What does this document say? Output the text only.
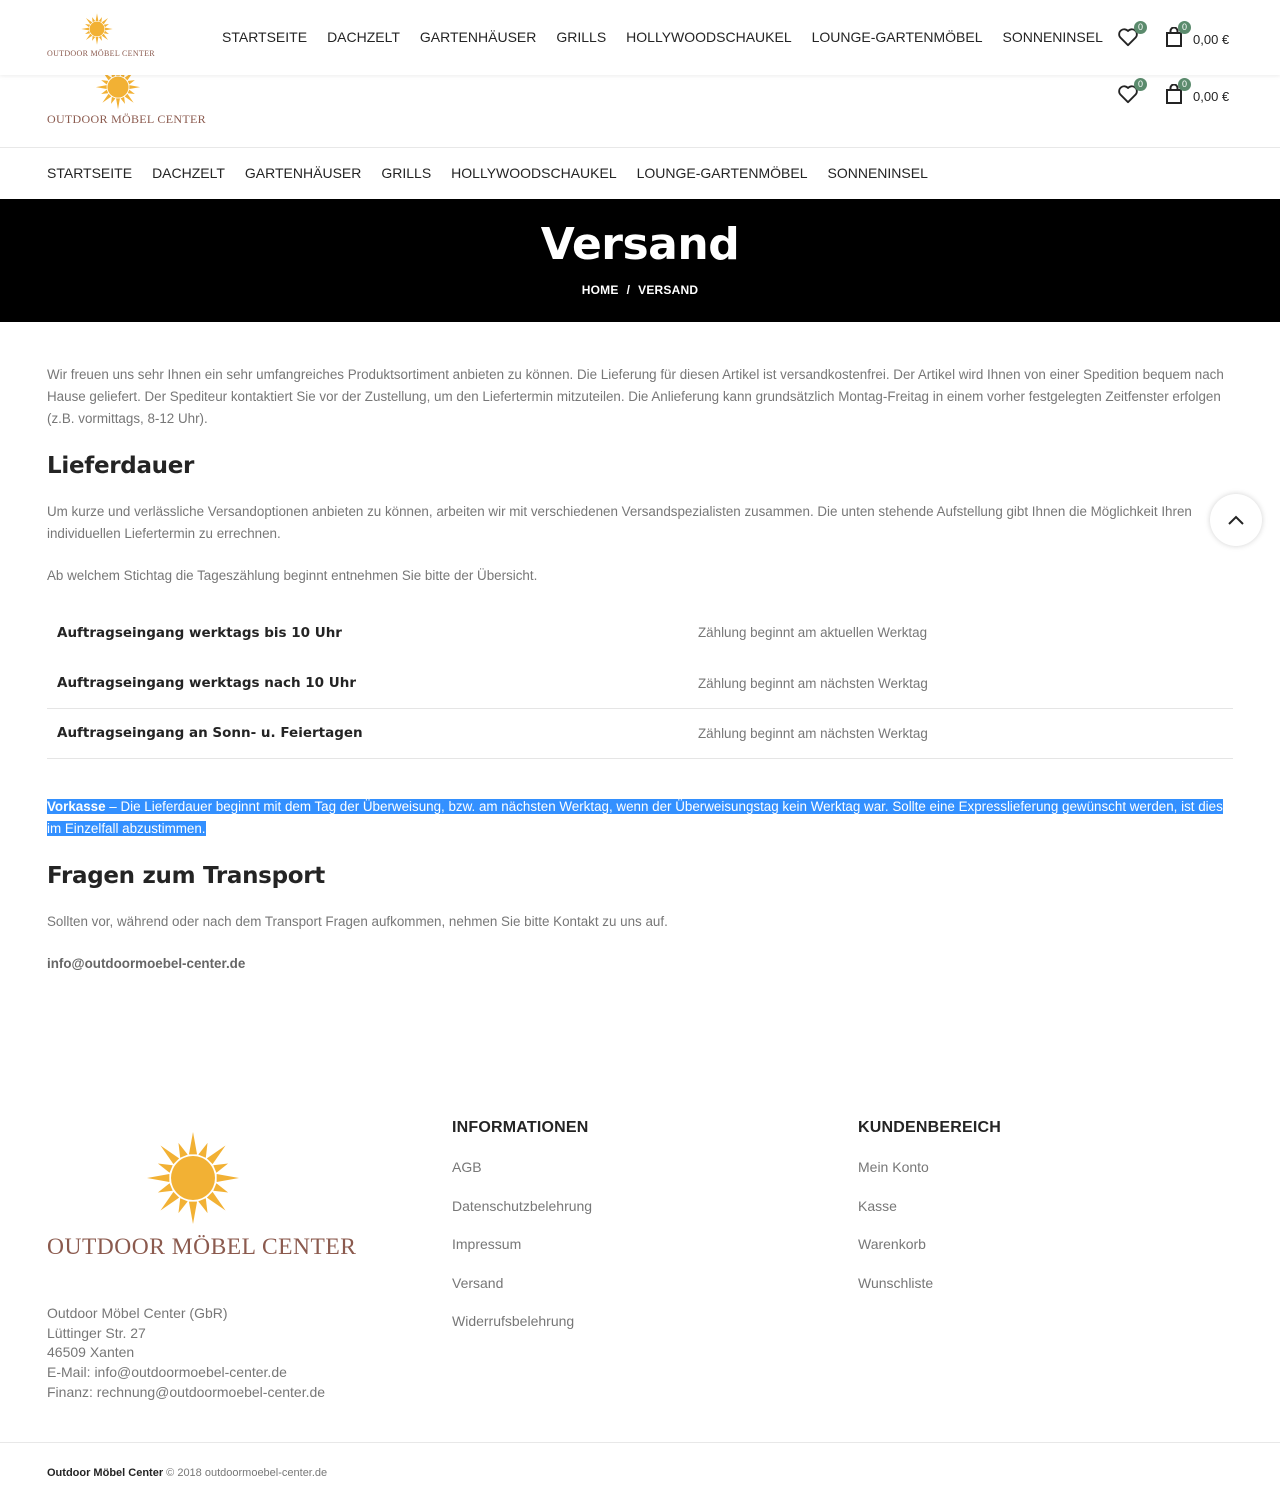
OUTDOOR MÖBEL CENTER
STARTSEITE DACHZELT GARTENHÄUSER GRILLS HOLLYWOODSCHAUKEL LOUNGE-GARTENMÖBEL SONNENINSEL
0	0
0,00 €
OUTDOOR MÖBEL CENTER
0	0
0,00 €
STARTSEITE DACHZELT GARTENHÄUSER GRILLS HOLLYWOODSCHAUKEL LOUNGE-GARTENMÖBEL SONNENINSEL
Versand
HOME / VERSAND

Wir freuen uns sehr Ihnen ein sehr umfangreiches Produktsortiment anbieten zu können. Die Lieferung für diesen Artikel ist versandkostenfrei. Der Artikel wird Ihnen von einer Spedition bequem nach Hause geliefert. Der Spediteur kontaktiert Sie vor der Zustellung, um den Liefertermin mitzuteilen. Die Anlieferung kann grundsätzlich Montag-Freitag in einem vorher festgelegten Zeitfenster erfolgen (z.B. vormittags, 8-12 Uhr).

Lieferdauer

Um kurze und verlässliche Versandoptionen anbieten zu können, arbeiten wir mit verschiedenen Versandspezialisten zusammen. Die unten stehende Aufstellung gibt Ihnen die Möglichkeit Ihren individuellen Liefertermin zu errechnen.

Ab welchem Stichtag die Tageszählung beginnt entnehmen Sie bitte der Übersicht.

Auftragseingang werktags bis 10 Uhr	Zählung beginnt am aktuellen Werktag
Auftragseingang werktags nach 10 Uhr	Zählung beginnt am nächsten Werktag
Auftragseingang an Sonn- u. Feiertagen	Zählung beginnt am nächsten Werktag

Vorkasse – Die Lieferdauer beginnt mit dem Tag der Überweisung, bzw. am nächsten Werktag, wenn der Überweisungstag kein Werktag war. Sollte eine Expresslieferung gewünscht werden, ist dies im Einzelfall abzustimmen.

Fragen zum Transport

Sollten vor, während oder nach dem Transport Fragen aufkommen, nehmen Sie bitte Kontakt zu uns auf.

info@outdoormoebel-center.de

OUTDOOR MÖBEL CENTER
Outdoor Möbel Center (GbR)
Lüttinger Str. 27
46509 Xanten
E-Mail: info@outdoormoebel-center.de
Finanz: rechnung@outdoormoebel-center.de
INFORMATIONEN
AGB
Datenschutzbelehrung
Impressum
Versand
Widerrufsbelehrung
KUNDENBEREICH
Mein Konto
Kasse
Warenkorb
Wunschliste
Outdoor Möbel Center © 2018 outdoormoebel-center.de
